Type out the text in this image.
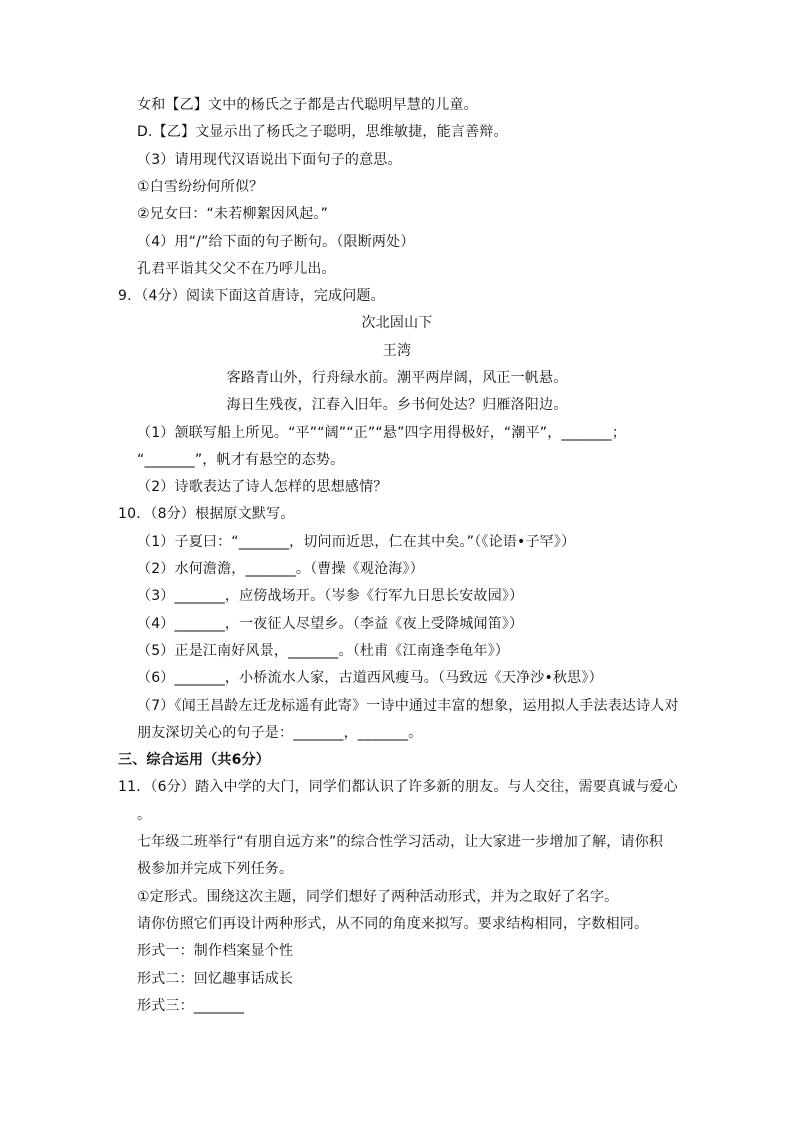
女和【乙】文中的杨氏之子都是古代聪明早慧的儿童。
D.【乙】文显示出了杨氏之子聪明，思维敏捷，能言善辩。
（3）请用现代汉语说出下面句子的意思。
①白雪纷纷何所似？
②兄女曰：“未若柳絮因风起。”
（4）用“/”给下面的句子断句。（限断两处）
孔君平诣其父父不在乃呼儿出。
9．（4分）阅读下面这首唐诗，完成问题。
次北固山下
王湾
客路青山外，行舟绿水前。潮平两岸阔，风正一帆悬。
海日生残夜，江春入旧年。乡书何处达？归雁洛阳边。
（1）颔联写船上所见。“平”“阔”“正”“悬”四字用得极好，“潮平”，_______；
“_______”，帆才有悬空的态势。
（2）诗歌表达了诗人怎样的思想感情？
10．（8分）根据原文默写。
（1）子夏曰：“_______，切问而近思，仁在其中矣。”（《论语•子罕》）
（2）水何澹澹，_______。（曹操《观沧海》）
（3）_______，应傍战场开。（岑参《行军九日思长安故园》）
（4）_______，一夜征人尽望乡。（李益《夜上受降城闻笛》）
（5）正是江南好风景，_______。（杜甫《江南逢李龟年》）
（6）_______，小桥流水人家，古道西风瘦马。（马致远《天净沙•秋思》）
（7）《闻王昌龄左迁龙标遥有此寄》一诗中通过丰富的想象，运用拟人手法表达诗人对
朋友深切关心的句子是：_______，_______。
三、综合运用（共6分）
11．（6分）踏入中学的大门，同学们都认识了许多新的朋友。与人交往，需要真诚与爱心
。
七年级二班举行“有朋自远方来”的综合性学习活动，让大家进一步增加了解，请你积
极参加并完成下列任务。
①定形式。围绕这次主题，同学们想好了两种活动形式，并为之取好了名字。
请你仿照它们再设计两种形式，从不同的角度来拟写。要求结构相同，字数相同。
形式一：制作档案显个性
形式二：回忆趣事话成长
形式三：_______
